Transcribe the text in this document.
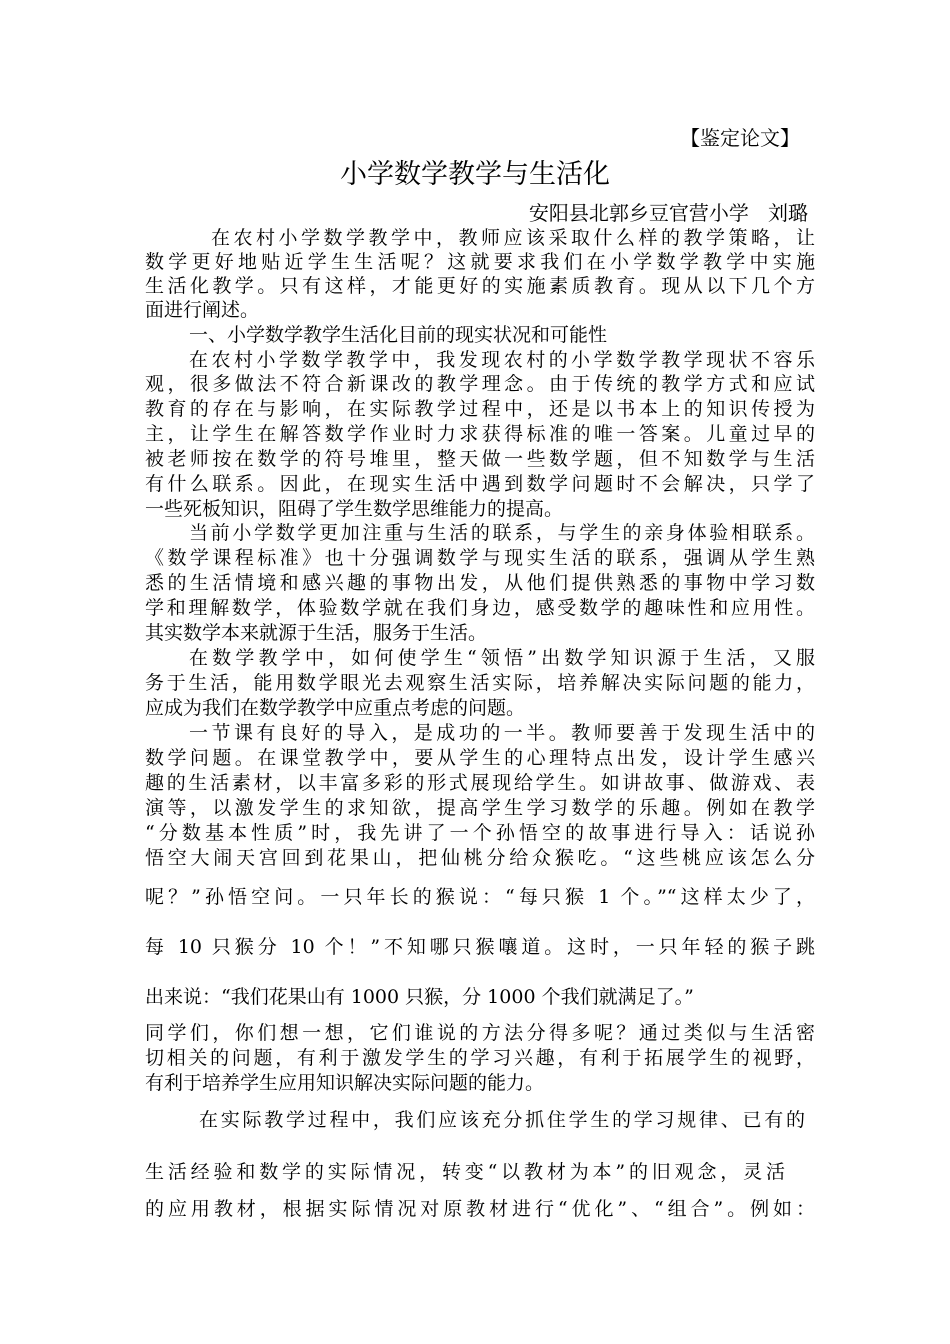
【鉴定论文】
小学数学教学与生活化
安阳县北郭乡豆官营小学   刘璐
在农村小学数学教学中，教师应该采取什么样的教学策略，让
数学更好地贴近学生生活呢？这就要求我们在小学数学教学中实施
生活化教学。只有这样，才能更好的实施素质教育。现从以下几个方
面进行阐述。
一、小学数学教学生活化目前的现实状况和可能性
在农村小学数学教学中，我发现农村的小学数学教学现状不容乐
观，很多做法不符合新课改的教学理念。由于传统的教学方式和应试
教育的存在与影响，在实际教学过程中，还是以书本上的知识传授为
主，让学生在解答数学作业时力求获得标准的唯一答案。儿童过早的
被老师按在数学的符号堆里，整天做一些数学题，但不知数学与生活
有什么联系。因此，在现实生活中遇到数学问题时不会解决，只学了
一些死板知识，阻碍了学生数学思维能力的提高。
当前小学数学更加注重与生活的联系，与学生的亲身体验相联系。
《数学课程标准》也十分强调数学与现实生活的联系，强调从学生熟
悉的生活情境和感兴趣的事物出发，从他们提供熟悉的事物中学习数
学和理解数学，体验数学就在我们身边，感受数学的趣味性和应用性。
其实数学本来就源于生活，服务于生活。
在数学教学中，如何使学生“领悟”出数学知识源于生活，又服
务于生活，能用数学眼光去观察生活实际，培养解决实际问题的能力，
应成为我们在数学教学中应重点考虑的问题。
一节课有良好的导入，是成功的一半。教师要善于发现生活中的
数学问题。在课堂教学中，要从学生的心理特点出发，设计学生感兴
趣的生活素材，以丰富多彩的形式展现给学生。如讲故事、做游戏、表
演等，以激发学生的求知欲，提高学生学习数学的乐趣。例如在教学
“分数基本性质”时，我先讲了一个孙悟空的故事进行导入：话说孙
悟空大闹天宫回到花果山，把仙桃分给众猴吃。“这些桃应该怎么分
呢？”孙悟空问。一只年长的猴说：“每只猴 1 个。”“这样太少了，
每 10 只猴分 10 个！”不知哪只猴嚷道。这时，一只年轻的猴子跳
出来说：“我们花果山有 1000 只猴，分 1000 个我们就满足了。”
同学们，你们想一想，它们谁说的方法分得多呢？通过类似与生活密
切相关的问题，有利于激发学生的学习兴趣，有利于拓展学生的视野，
有利于培养学生应用知识解决实际问题的能力。
在实际教学过程中，我们应该充分抓住学生的学习规律、已有的
生活经验和数学的实际情况，转变“以教材为本”的旧观念，灵活
的应用教材，根据实际情况对原教材进行“优化”、“组合”。例如：
